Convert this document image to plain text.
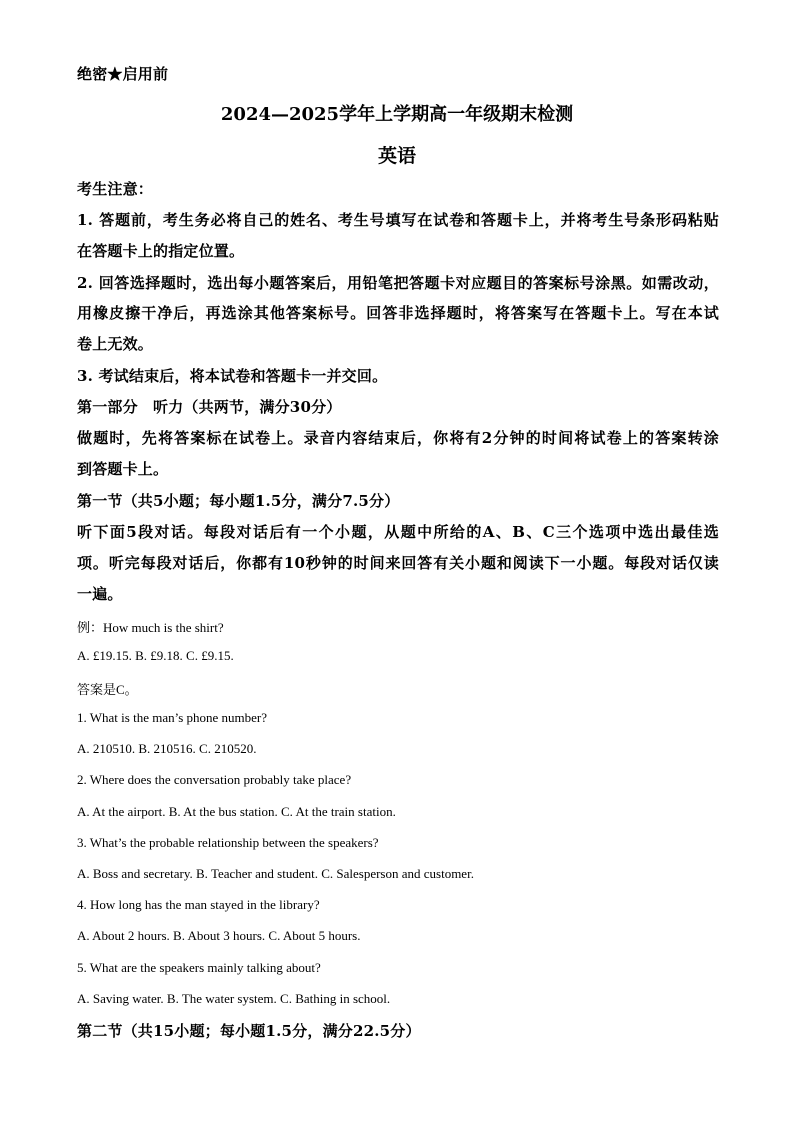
绝密★启用前
2024—2025学年上学期高一年级期末检测
英语
考生注意：
1. 答题前，考生务必将自己的姓名、考生号填写在试卷和答题卡上，并将考生号条形码粘贴
在答题卡上的指定位置。
2. 回答选择题时，选出每小题答案后，用铅笔把答题卡对应题目的答案标号涂黑。如需改动，
用橡皮擦干净后，再选涂其他答案标号。回答非选择题时，将答案写在答题卡上。写在本试
卷上无效。
3. 考试结束后，将本试卷和答题卡一并交回。
第一部分　听力（共两节，满分30分）
做题时，先将答案标在试卷上。录音内容结束后，你将有2分钟的时间将试卷上的答案转涂
到答题卡上。
第一节（共5小题；每小题1.5分，满分7.5分）
听下面5段对话。每段对话后有一个小题，从题中所给的A、B、C三个选项中选出最佳选
项。听完每段对话后，你都有10秒钟的时间来回答有关小题和阅读下一小题。每段对话仅读
一遍。
例：How much is the shirt?
A. £19.15. B. £9.18. C. £9.15.
答案是C。
1. What is the man’s phone number?
A. 210510. B. 210516. C. 210520.
2. Where does the conversation probably take place?
A. At the airport. B. At the bus station. C. At the train station.
3. What’s the probable relationship between the speakers?
A. Boss and secretary. B. Teacher and student. C. Salesperson and customer.
4. How long has the man stayed in the library?
A. About 2 hours. B. About 3 hours. C. About 5 hours.
5. What are the speakers mainly talking about?
A. Saving water. B. The water system. C. Bathing in school.
第二节（共15小题；每小题1.5分，满分22.5分）
